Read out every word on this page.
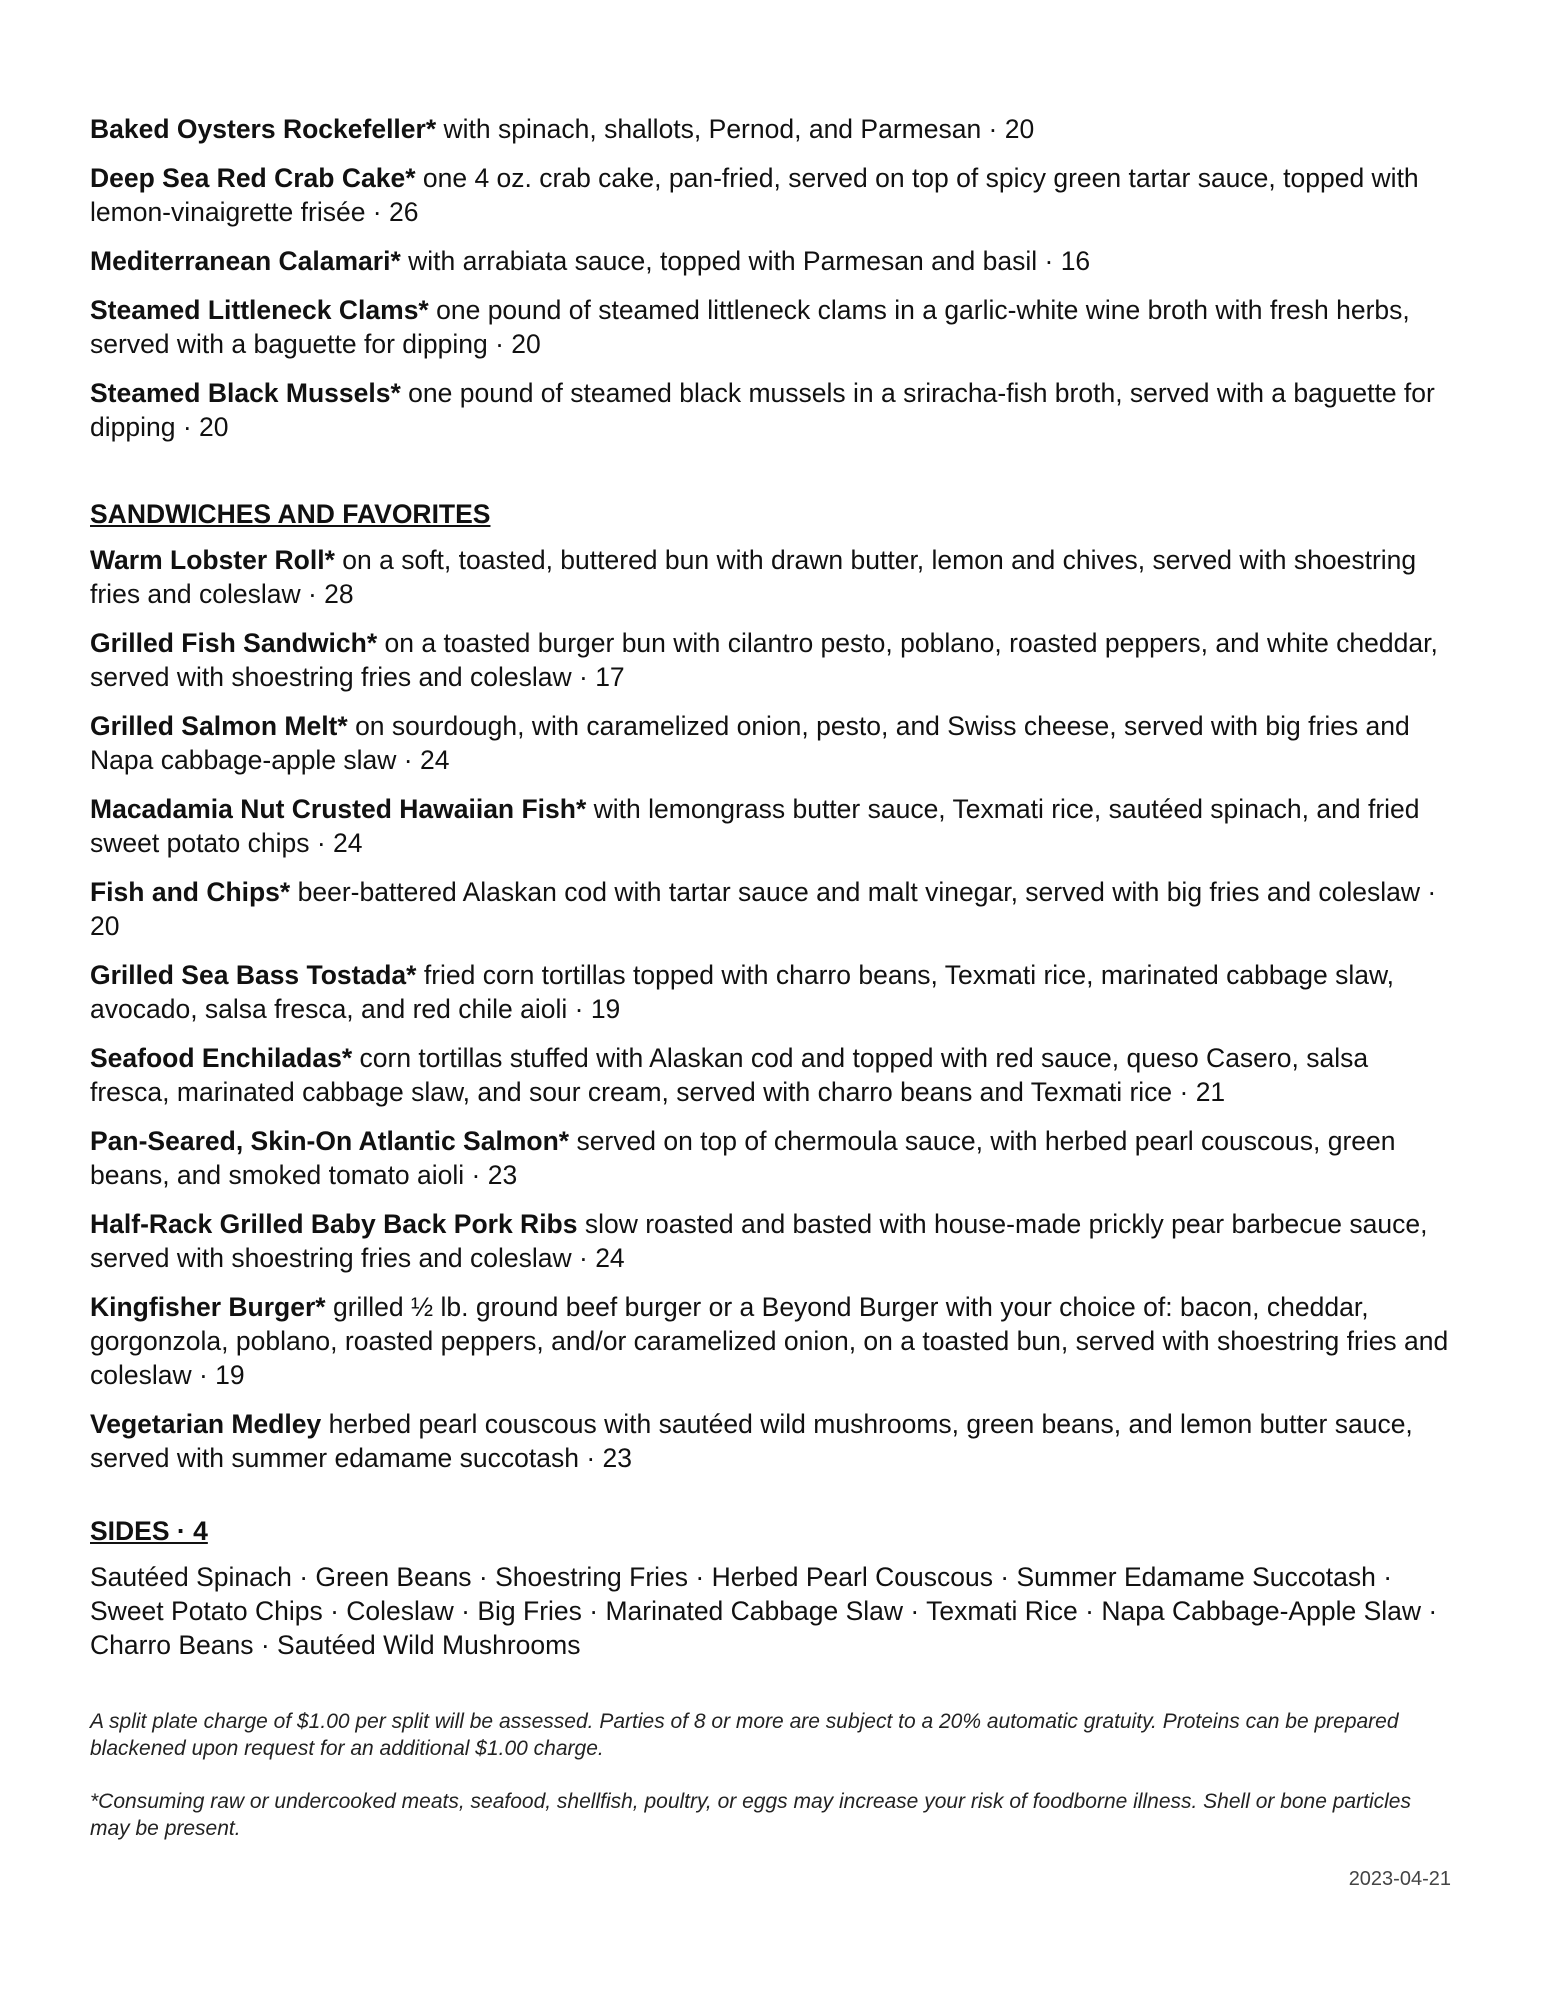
Baked Oysters Rockefeller* with spinach, shallots, Pernod, and Parmesan · 20

Deep Sea Red Crab Cake* one 4 oz. crab cake, pan-fried, served on top of spicy green tartar sauce, topped with lemon-vinaigrette frisée · 26

Mediterranean Calamari* with arrabiata sauce, topped with Parmesan and basil · 16

Steamed Littleneck Clams* one pound of steamed littleneck clams in a garlic-white wine broth with fresh herbs, served with a baguette for dipping · 20

Steamed Black Mussels* one pound of steamed black mussels in a sriracha-fish broth, served with a baguette for dipping · 20

SANDWICHES AND FAVORITES

Warm Lobster Roll* on a soft, toasted, buttered bun with drawn butter, lemon and chives, served with shoestring fries and coleslaw · 28

Grilled Fish Sandwich* on a toasted burger bun with cilantro pesto, poblano, roasted peppers, and white cheddar, served with shoestring fries and coleslaw · 17

Grilled Salmon Melt* on sourdough, with caramelized onion, pesto, and Swiss cheese, served with big fries and Napa cabbage-apple slaw · 24

Macadamia Nut Crusted Hawaiian Fish* with lemongrass butter sauce, Texmati rice, sautéed spinach, and fried sweet potato chips · 24

Fish and Chips* beer-battered Alaskan cod with tartar sauce and malt vinegar, served with big fries and coleslaw · 20

Grilled Sea Bass Tostada* fried corn tortillas topped with charro beans, Texmati rice, marinated cabbage slaw, avocado, salsa fresca, and red chile aioli · 19

Seafood Enchiladas* corn tortillas stuffed with Alaskan cod and topped with red sauce, queso Casero, salsa fresca, marinated cabbage slaw, and sour cream, served with charro beans and Texmati rice · 21

Pan-Seared, Skin-On Atlantic Salmon* served on top of chermoula sauce, with herbed pearl couscous, green beans, and smoked tomato aioli · 23

Half-Rack Grilled Baby Back Pork Ribs slow roasted and basted with house-made prickly pear barbecue sauce, served with shoestring fries and coleslaw · 24

Kingfisher Burger* grilled ½ lb. ground beef burger or a Beyond Burger with your choice of: bacon, cheddar, gorgonzola, poblano, roasted peppers, and/or caramelized onion, on a toasted bun, served with shoestring fries and coleslaw · 19

Vegetarian Medley herbed pearl couscous with sautéed wild mushrooms, green beans, and lemon butter sauce, served with summer edamame succotash · 23

SIDES · 4

Sautéed Spinach · Green Beans · Shoestring Fries · Herbed Pearl Couscous · Summer Edamame Succotash · Sweet Potato Chips · Coleslaw · Big Fries · Marinated Cabbage Slaw · Texmati Rice · Napa Cabbage-Apple Slaw · Charro Beans · Sautéed Wild Mushrooms

A split plate charge of $1.00 per split will be assessed. Parties of 8 or more are subject to a 20% automatic gratuity. Proteins can be prepared blackened upon request for an additional $1.00 charge.

*Consuming raw or undercooked meats, seafood, shellfish, poultry, or eggs may increase your risk of foodborne illness. Shell or bone particles may be present.

2023-04-21
